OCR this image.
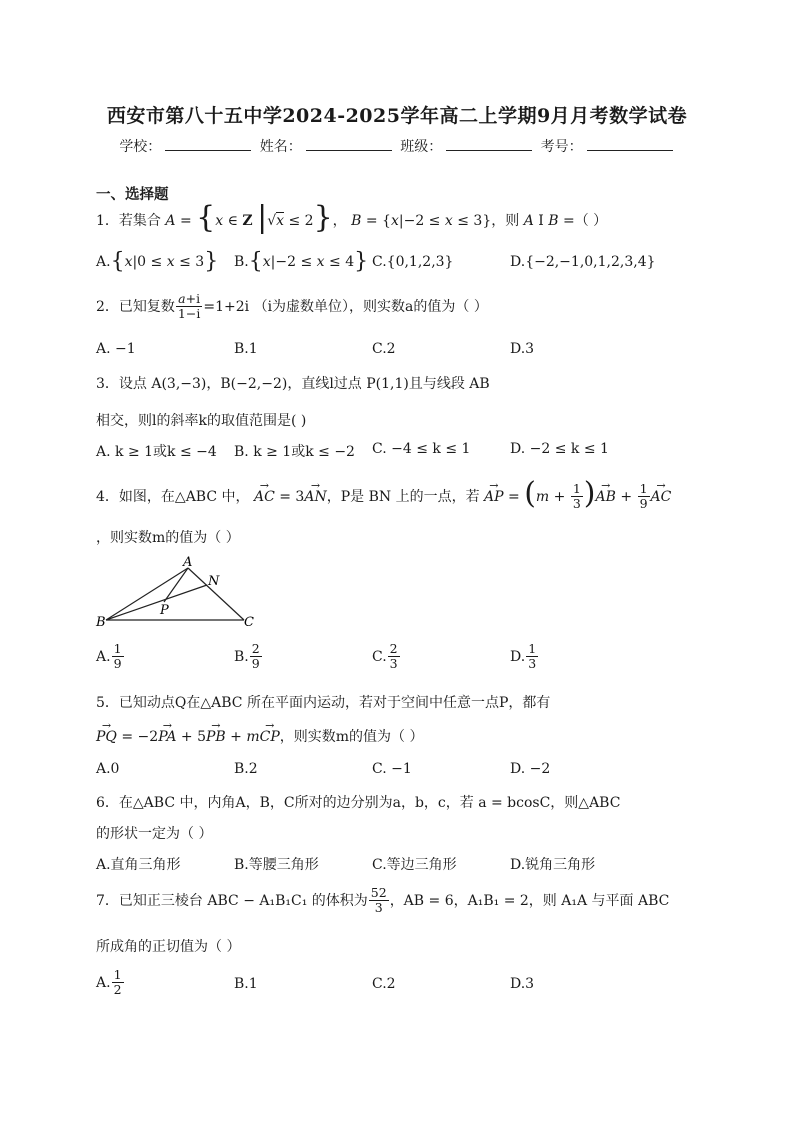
西安市第八十五中学2024-2025学年高二上学期9月月考数学试卷
学校：	姓名：	班级：	考号：
一、选择题
1．若集合 A = {x ∈ Z |√x ≤ 2}， B = {x|−2 ≤ x ≤ 3}，则 A I B =（ ）
A.{x|0 ≤ x ≤ 3} B.{x|−2 ≤ x ≤ 4} C.{0,1,2,3}	D.{−2,−1,0,1,2,3,4}
2．已知复数 $\frac{a+i}{1-i} =1+2i$ （i为虚数单位），则实数a的值为（ ）
A. −1	B.1	C.2	D.3
3．设点 A(3,−3)，B(−2,−2)，直线l过点 P(1,1)且与线段 AB
相交，则l的斜率k的取值范围是( )
A. k ≥ 1或k ≤ −4 B. k ≥ 1或k ≤ −2 C. −4 ≤ k ≤ 1	D. −2 ≤ k ≤ 1
4．如图，在△ABC 中， → AC = 3→ AN，P是 BN 上的一点，若 → AP = ($m + \frac{1}{3}$ )→ AB + $\frac{1}{9}$ → AC
，则实数m的值为（ ）
A
N
P
B	C
A. $\frac{1}{9}$	B. $\frac{2}{9}$	C. $\frac{2}{3}$	D. $\frac{1}{3}$
5．已知动点Q在△ABC 所在平面内运动，若对于空间中任意一点P，都有
→ PQ = −2→ PA + 5→ PB + m→ CP，则实数m的值为（ ）
A.0	B.2	C. −1	D. −2
6．在△ABC 中，内角A，B，C所对的边分别为a，b，c，若 a = bcosC，则△ABC
的形状一定为（ ）
A.直角三角形	B.等腰三角形	C.等边三角形	D.锐角三角形
7．已知正三棱台 ABC − A₁B₁C₁ 的体积为 $\frac{52}{3}$ ，AB = 6，A₁B₁ = 2，则 A₁A 与平面 ABC
所成角的正切值为（ ）
A. $\frac{1}{2}$	B.1	C.2	D.3
